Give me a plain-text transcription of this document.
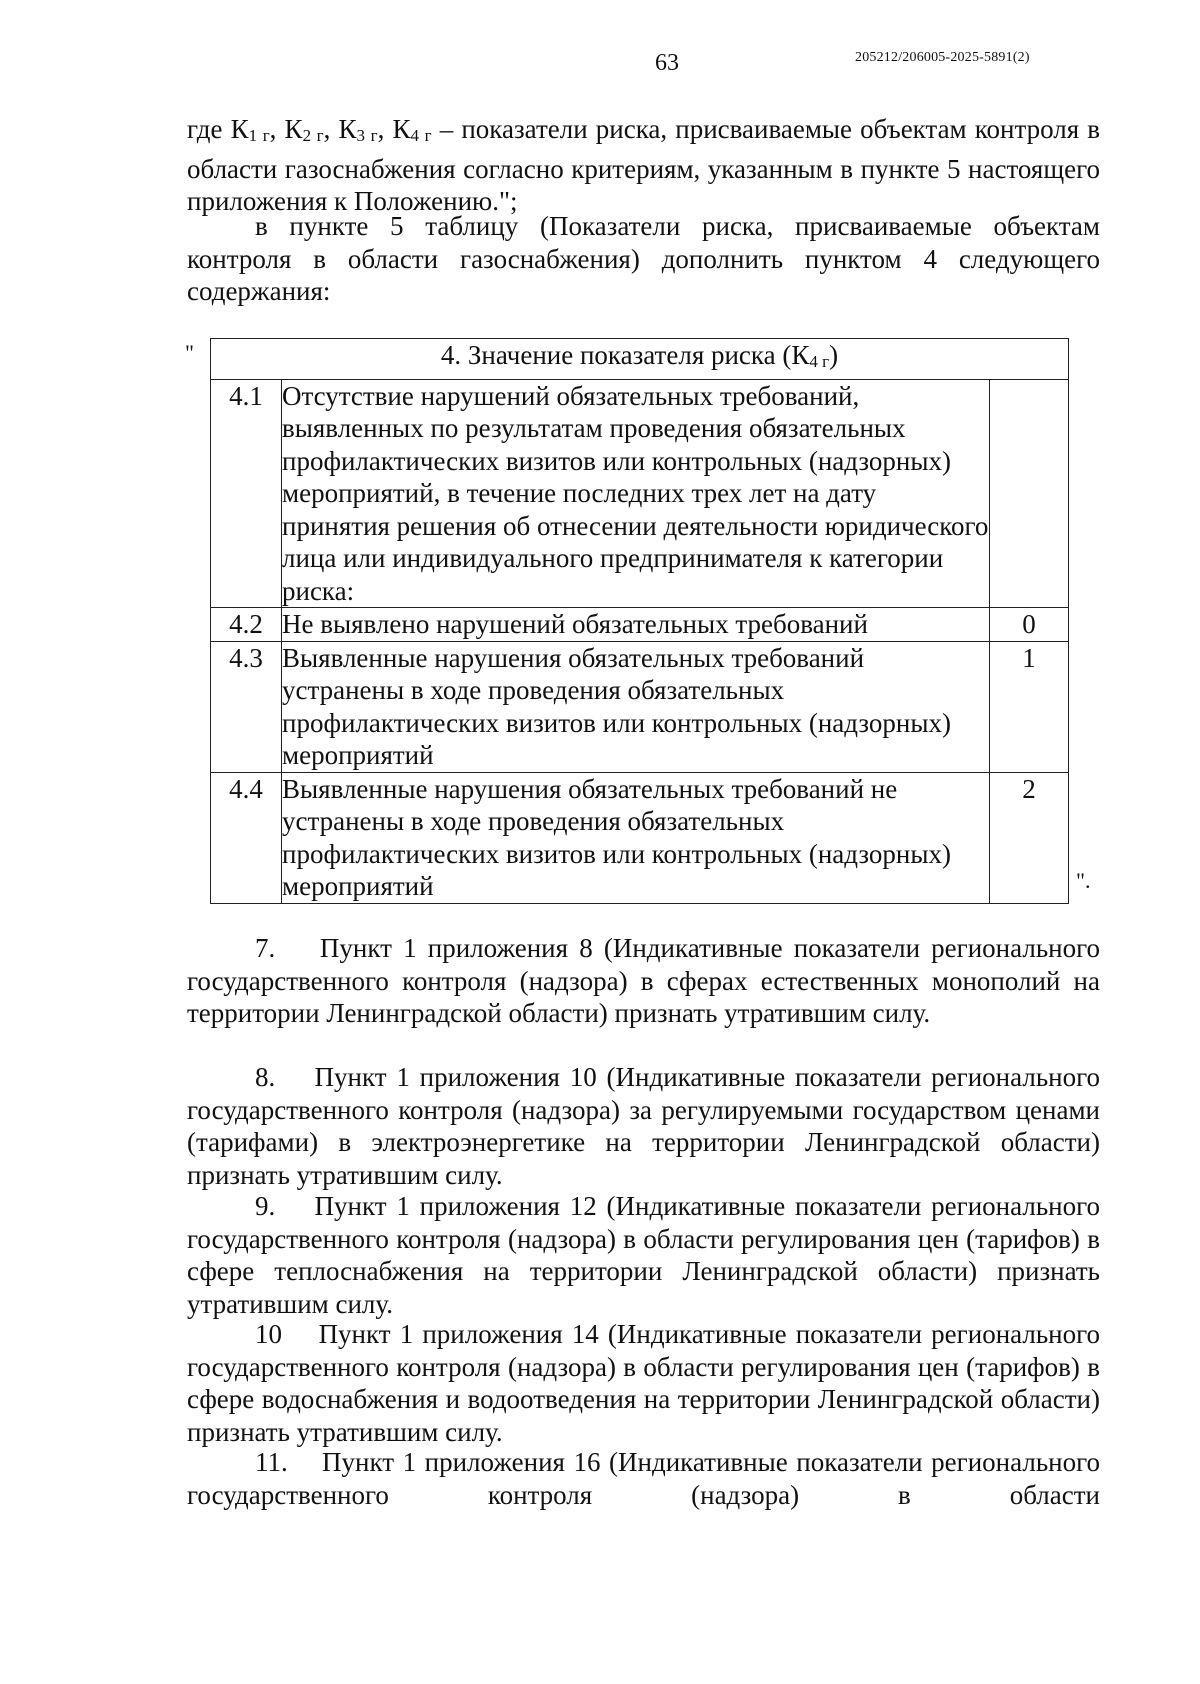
63	205212/206005-2025-5891(2)

где К1 г, К2 г, К3 г, К4 г – показатели риска, присваиваемые объектам контроля в области газоснабжения согласно критериям, указанным в пункте 5 настоящего приложения к Положению.";

в пункте 5 таблицу (Показатели риска, присваиваемые объектам контроля в области газоснабжения) дополнить пунктом 4 следующего содержания:

"	4. Значение показателя риска (К4 г)		
4.1	Отсутствие нарушений обязательных требований, выявленных по результатам проведения обязательных профилактических визитов или контрольных (надзорных) мероприятий, в течение последних трех лет на дату принятия решения об отнесении деятельности юридического лица или индивидуального предпринимателя к категории риска:	
4.2	Не выявлено нарушений обязательных требований	0
4.3	Выявленные нарушения обязательных требований устранены в ходе проведения обязательных профилактических визитов или контрольных (надзорных) мероприятий	1
4.4	Выявленные нарушения обязательных требований не устранены в ходе проведения обязательных профилактических визитов или контрольных (надзорных) мероприятий	2
".

7. Пункт 1 приложения 8 (Индикативные показатели регионального государственного контроля (надзора) в сферах естественных монополий на территории Ленинградской области) признать утратившим силу.

8. Пункт 1 приложения 10 (Индикативные показатели регионального государственного контроля (надзора) за регулируемыми государством ценами (тарифами) в электроэнергетике на территории Ленинградской области) признать утратившим силу.

9. Пункт 1 приложения 12 (Индикативные показатели регионального государственного контроля (надзора) в области регулирования цен (тарифов) в сфере теплоснабжения на территории Ленинградской области) признать утратившим силу.

10 Пункт 1 приложения 14 (Индикативные показатели регионального государственного контроля (надзора) в области регулирования цен (тарифов) в сфере водоснабжения и водоотведения на территории Ленинградской области) признать утратившим силу.

11. Пункт 1 приложения 16 (Индикативные показатели регионального государственного контроля (надзора) в области
